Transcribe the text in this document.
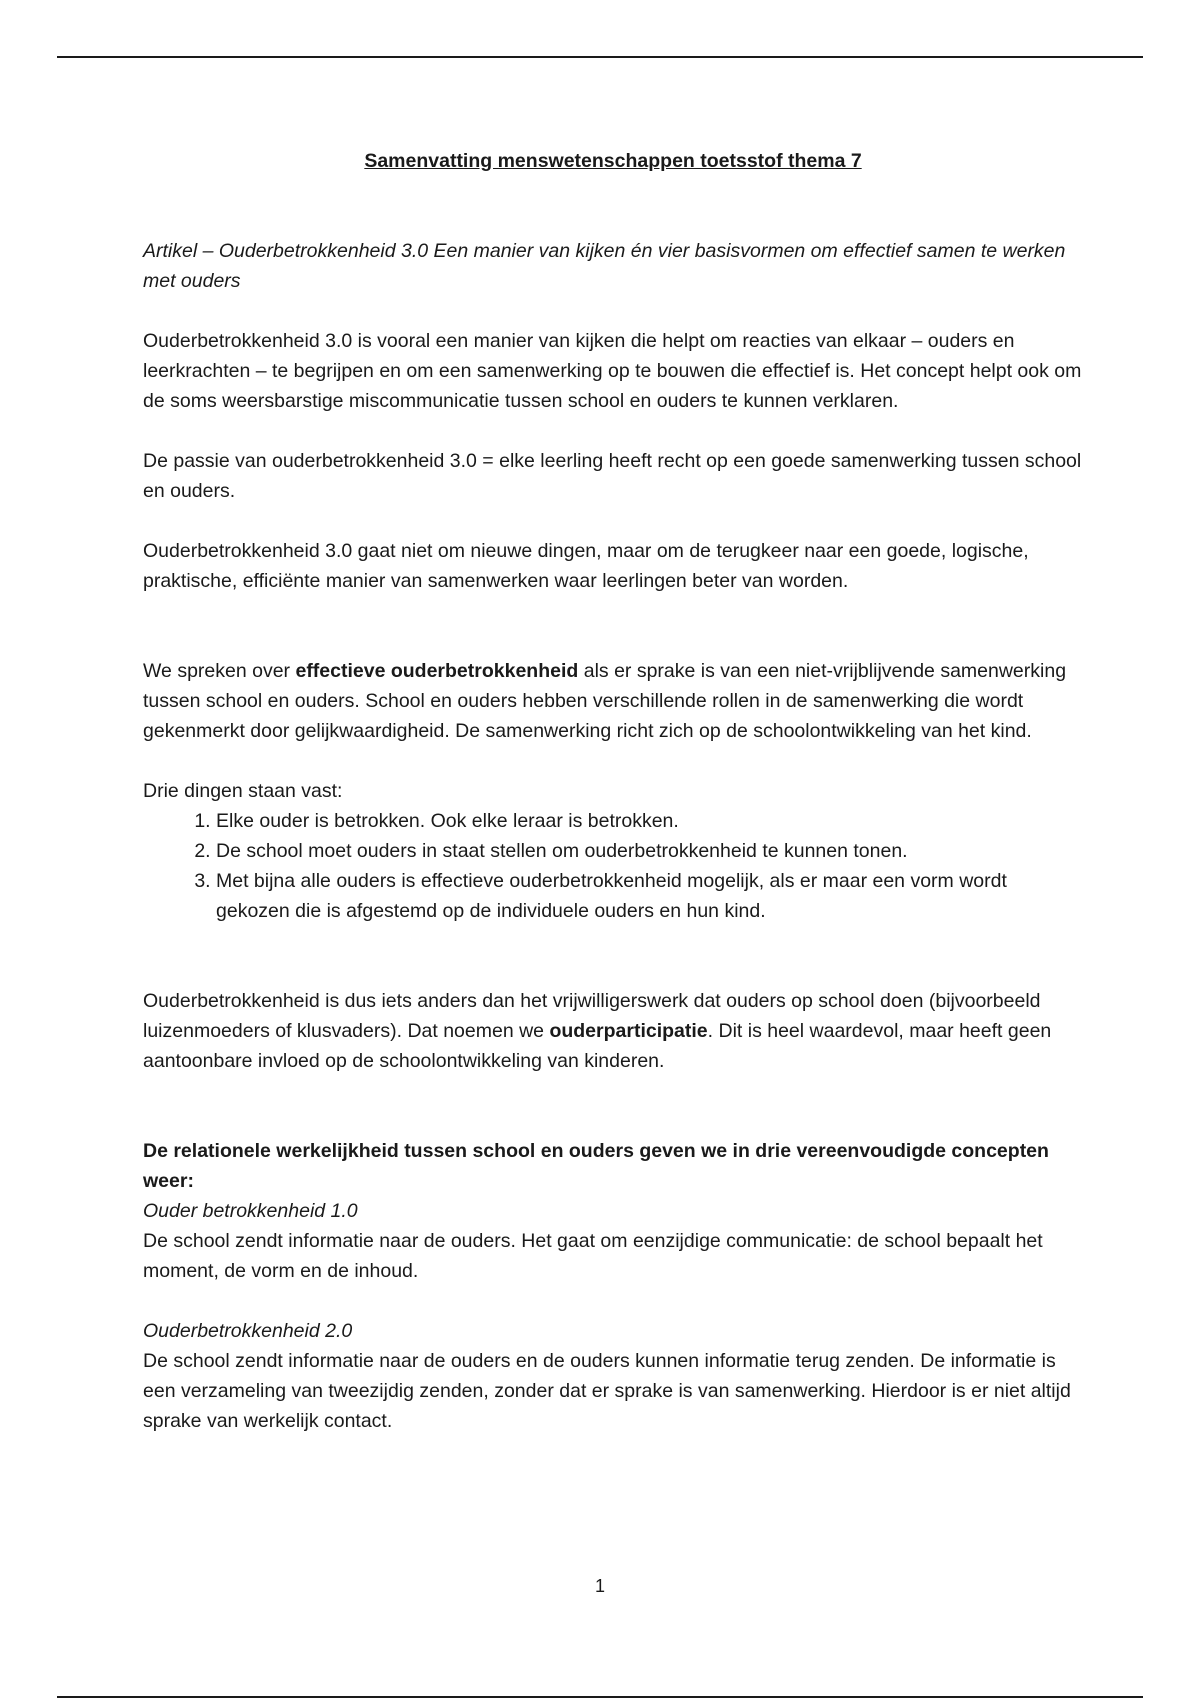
Samenvatting menswetenschappen toetsstof thema 7

Artikel – Ouderbetrokkenheid 3.0 Een manier van kijken én vier basisvormen om effectief samen te werken met ouders

Ouderbetrokkenheid 3.0 is vooral een manier van kijken die helpt om reacties van elkaar – ouders en leerkrachten – te begrijpen en om een samenwerking op te bouwen die effectief is. Het concept helpt ook om de soms weersbarstige miscommunicatie tussen school en ouders te kunnen verklaren.

De passie van ouderbetrokkenheid 3.0 = elke leerling heeft recht op een goede samenwerking tussen school en ouders.

Ouderbetrokkenheid 3.0 gaat niet om nieuwe dingen, maar om de terugkeer naar een goede, logische, praktische, efficiënte manier van samenwerken waar leerlingen beter van worden.

We spreken over effectieve ouderbetrokkenheid als er sprake is van een niet-vrijblijvende samenwerking tussen school en ouders. School en ouders hebben verschillende rollen in de samenwerking die wordt gekenmerkt door gelijkwaardigheid. De samenwerking richt zich op de schoolontwikkeling van het kind.

Drie dingen staan vast:

1. Elke ouder is betrokken. Ook elke leraar is betrokken.
2. De school moet ouders in staat stellen om ouderbetrokkenheid te kunnen tonen.
3. Met bijna alle ouders is effectieve ouderbetrokkenheid mogelijk, als er maar een vorm wordt gekozen die is afgestemd op de individuele ouders en hun kind.

Ouderbetrokkenheid is dus iets anders dan het vrijwilligerswerk dat ouders op school doen (bijvoorbeeld luizenmoeders of klusvaders). Dat noemen we ouderparticipatie. Dit is heel waardevol, maar heeft geen aantoonbare invloed op de schoolontwikkeling van kinderen.

De relationele werkelijkheid tussen school en ouders geven we in drie vereenvoudigde concepten weer:

Ouder betrokkenheid 1.0

De school zendt informatie naar de ouders. Het gaat om eenzijdige communicatie: de school bepaalt het moment, de vorm en de inhoud.

Ouderbetrokkenheid 2.0

De school zendt informatie naar de ouders en de ouders kunnen informatie terug zenden. De informatie is een verzameling van tweezijdig zenden, zonder dat er sprake is van samenwerking. Hierdoor is er niet altijd sprake van werkelijk contact.

1
